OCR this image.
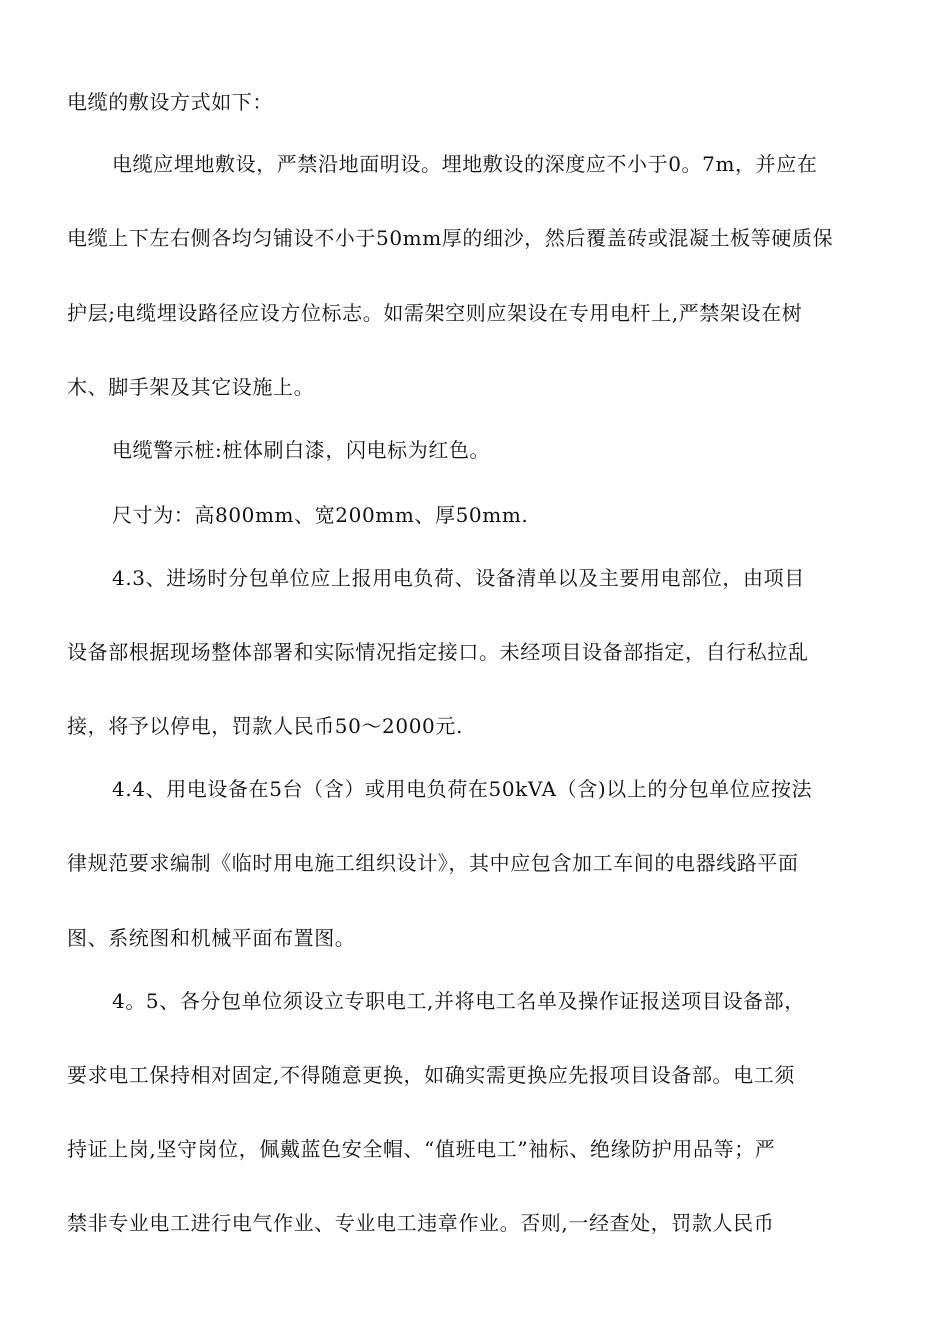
电缆的敷设方式如下：
电缆应埋地敷设，严禁沿地面明设。埋地敷设的深度应不小于0。7m，并应在
电缆上下左右侧各均匀铺设不小于50mm厚的细沙，然后覆盖砖或混凝土板等硬质保
护层;电缆埋设路径应设方位标志。如需架空则应架设在专用电杆上,严禁架设在树
木、脚手架及其它设施上。
电缆警示桩:桩体刷白漆，闪电标为红色。
尺寸为：高800mm、宽200mm、厚50mm.
4.3、进场时分包单位应上报用电负荷、设备清单以及主要用电部位，由项目
设备部根据现场整体部署和实际情况指定接口。未经项目设备部指定，自行私拉乱
接，将予以停电，罚款人民币50～2000元.
4.4、用电设备在5台（含）或用电负荷在50kVA（含)以上的分包单位应按法
律规范要求编制《临时用电施工组织设计》，其中应包含加工车间的电器线路平面
图、系统图和机械平面布置图。
4。5、各分包单位须设立专职电工,并将电工名单及操作证报送项目设备部，
要求电工保持相对固定,不得随意更换，如确实需更换应先报项目设备部。电工须
持证上岗,坚守岗位，佩戴蓝色安全帽、“值班电工”袖标、绝缘防护用品等；严
禁非专业电工进行电气作业、专业电工违章作业。否则,一经查处，罚款人民币
